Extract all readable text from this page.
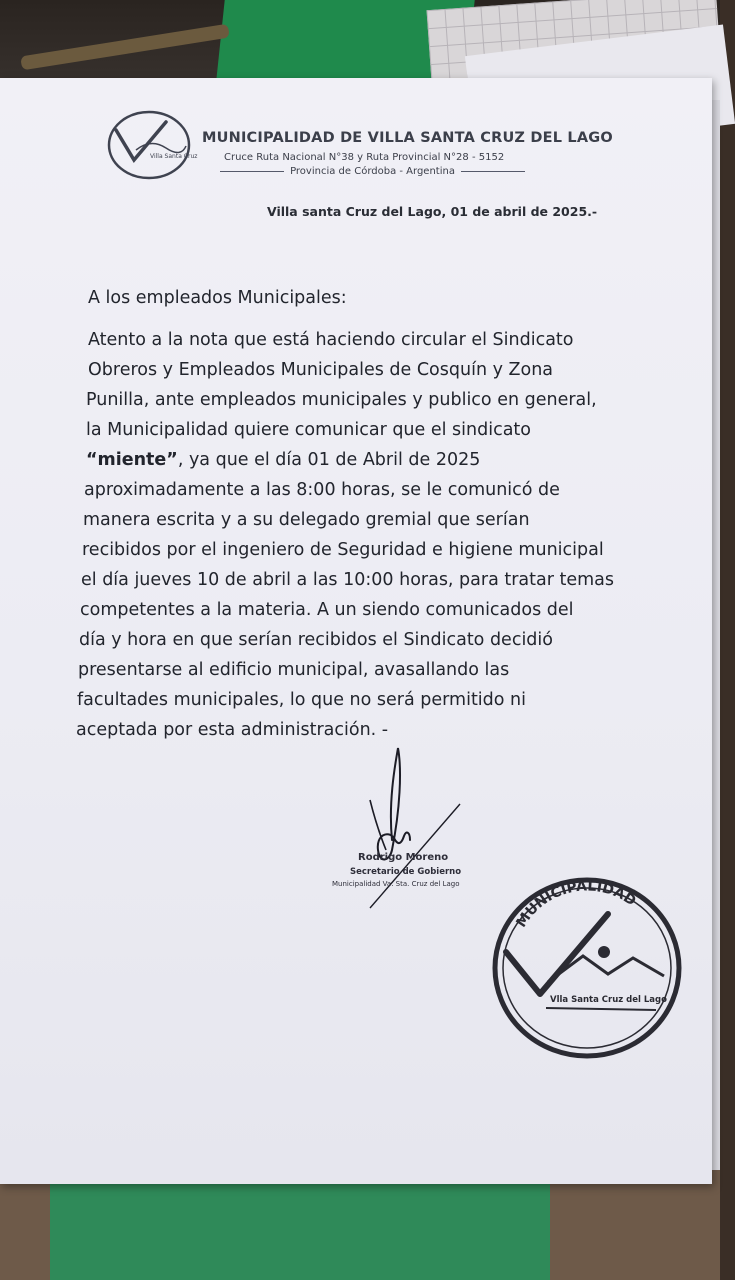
Villa Santa Cruz
MUNICIPALIDAD DE VILLA SANTA CRUZ DEL LAGO
Cruce Ruta Nacional N°38 y Ruta Provincial N°28 - 5152
Provincia de Córdoba - Argentina
Villa santa Cruz del Lago, 01 de abril de 2025.-
A los empleados Municipales:
Atento a la nota que está haciendo circular el Sindicato
Obreros y Empleados Municipales de Cosquín y Zona
Punilla, ante empleados municipales y publico en general,
la Municipalidad quiere comunicar que el sindicato
“miente” , ya que el día 01 de Abril de 2025
aproximadamente a las 8:00 horas, se le comunicó de
manera escrita y a su delegado gremial que serían
recibidos por el ingeniero de Seguridad e higiene municipal
el día jueves 10 de abril a las 10:00 horas, para tratar temas
competentes a la materia. A un siendo comunicados del
día y hora en que serían recibidos el Sindicato decidió
presentarse al edificio municipal, avasallando las
facultades municipales, lo que no será permitido ni
aceptada por esta administración. -
Rodrigo Moreno
Secretario de Gobierno
Municipalidad Va. Sta. Cruz del Lago
MUNICIPALIDAD
Vlla Santa Cruz del Lago
